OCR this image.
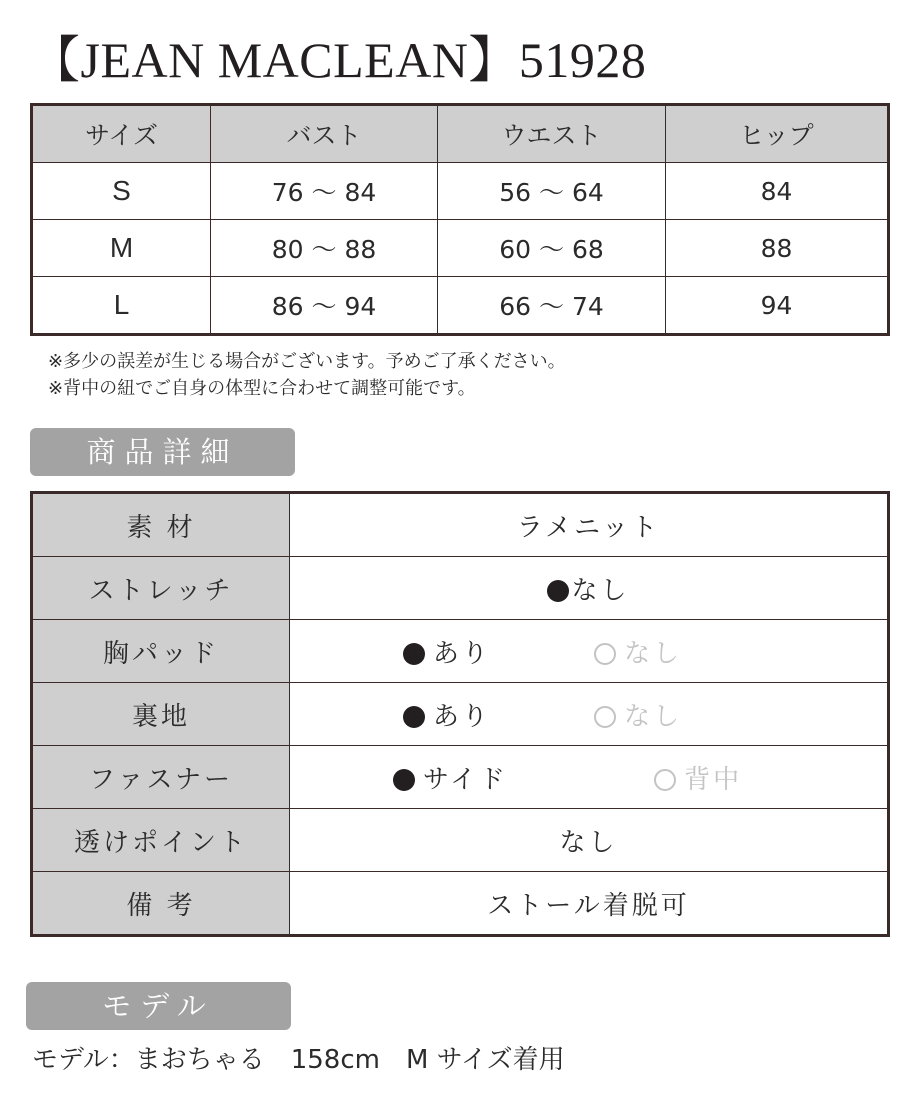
【JEAN MACLEAN】51928
サイズ	バスト	ウエスト	ヒップ
S	76 ～ 84	56 ～ 64	84
M	80 ～ 88	60 ～ 68	88
L	86 ～ 94	66 ～ 74	94
※多少の誤差が生じる場合がございます。予めご了承ください。
※背中の紐でご自身の体型に合わせて調整可能です。
商品詳細
素 材	ラメニット
ストレッチ	なし
胸パッド	あり なし
裏地	あり なし
ファスナー	サイド 背中
透けポイント	なし
備 考	ストール着脱可
モデル
モデル：まおちゃる　158cm　M サイズ着用
